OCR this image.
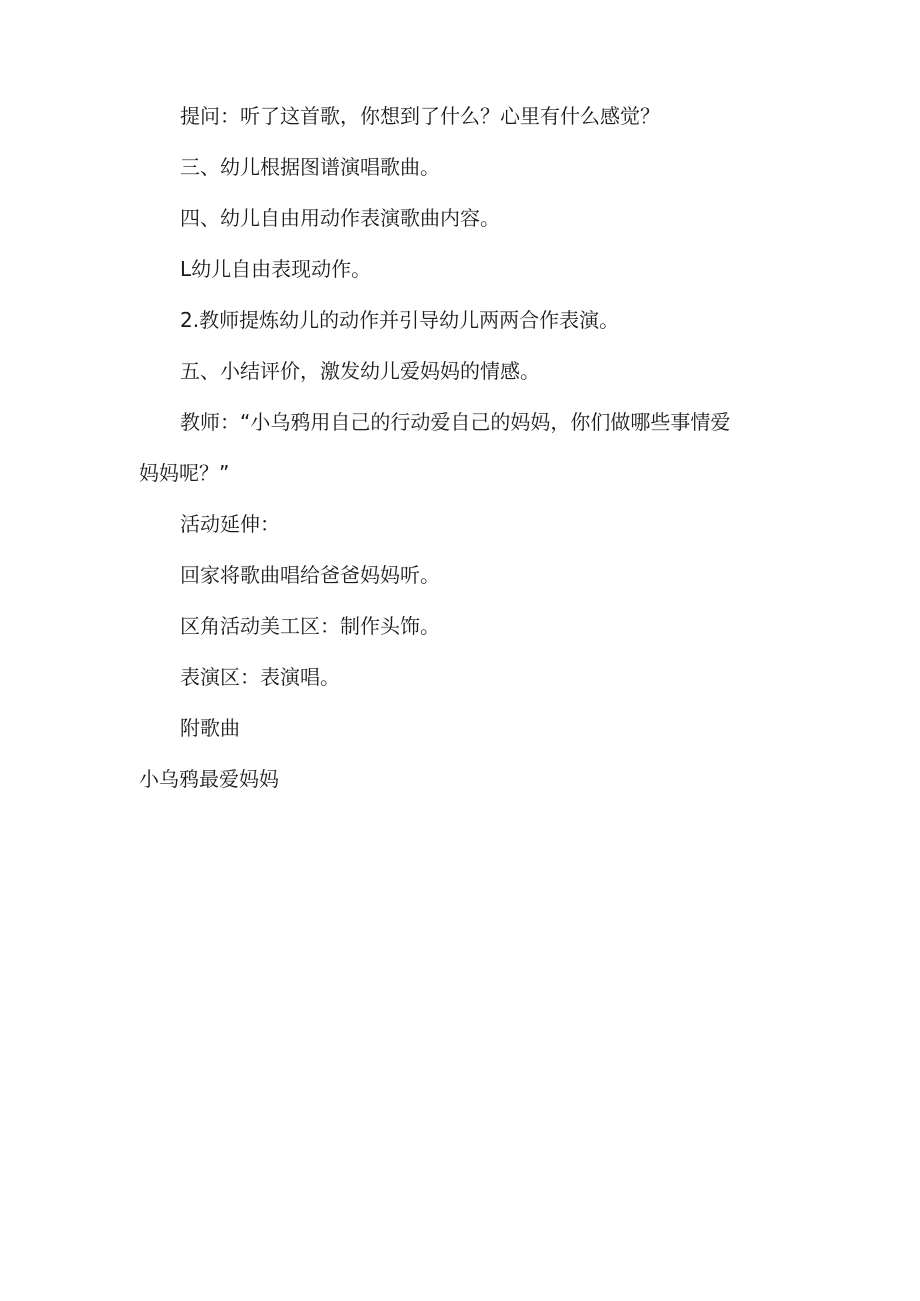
提问：听了这首歌，你想到了什么？心里有什么感觉？
三、幼儿根据图谱演唱歌曲。
四、幼儿自由用动作表演歌曲内容。
L幼儿自由表现动作。
2.教师提炼幼儿的动作并引导幼儿两两合作表演。
五、小结评价，激发幼儿爱妈妈的情感。
教师：“小乌鸦用自己的行动爱自己的妈妈，你们做哪些事情爱
妈妈呢？”
活动延伸：
回家将歌曲唱给爸爸妈妈听。
区角活动美工区：制作头饰。
表演区：表演唱。
附歌曲
小乌鸦最爱妈妈
